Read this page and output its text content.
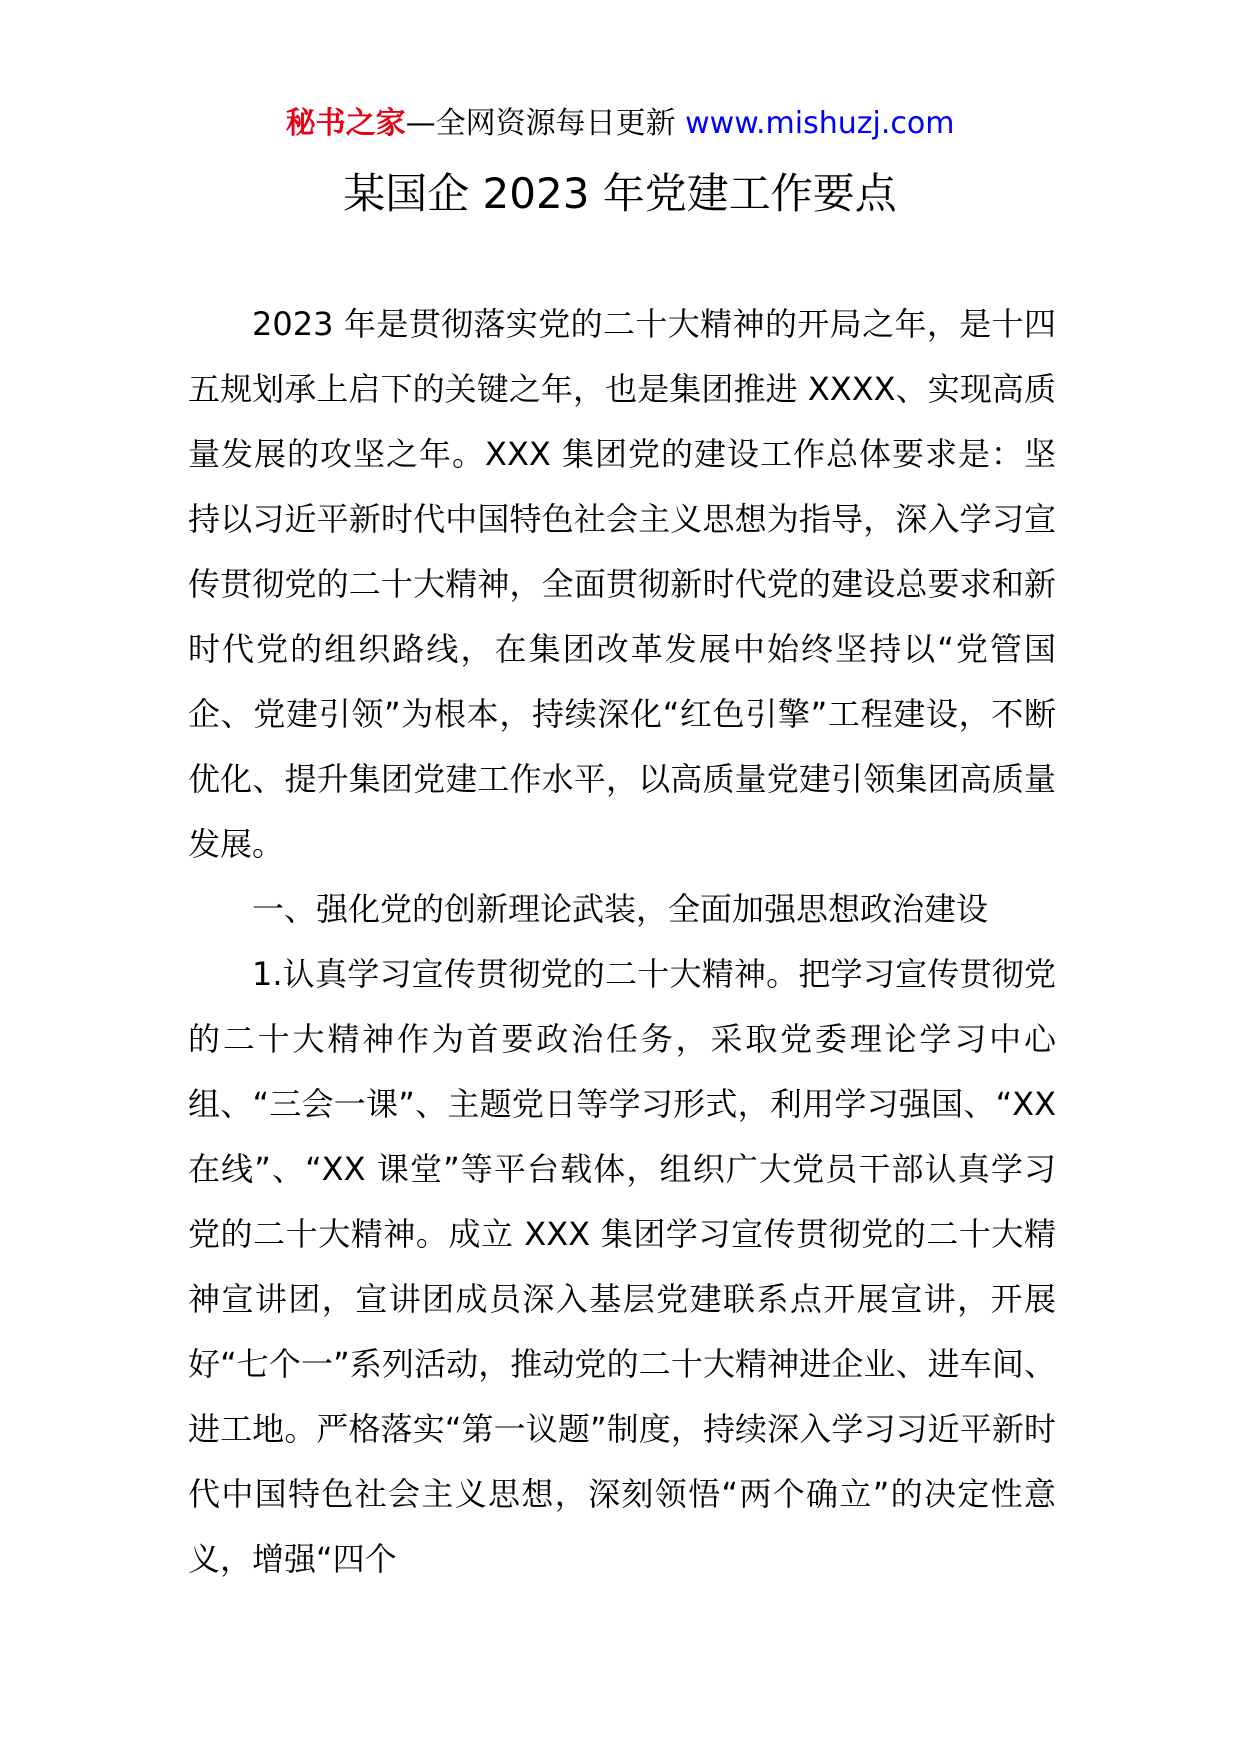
秘书之家—全网资源每日更新 www.mishuzj.com
某国企 2023 年党建工作要点

2023 年是贯彻落实党的二十大精神的开局之年，是十四五规划承上启下的关键之年，也是集团推进 XXXX、实现高质量发展的攻坚之年。XXX 集团党的建设工作总体要求是：坚持以习近平新时代中国特色社会主义思想为指导，深入学习宣传贯彻党的二十大精神，全面贯彻新时代党的建设总要求和新时代党的组织路线，在集团改革发展中始终坚持以“党管国企、党建引领”为根本，持续深化“红色引擎”工程建设，不断优化、提升集团党建工作水平，以高质量党建引领集团高质量发展。

一、强化党的创新理论武装，全面加强思想政治建设

1.认真学习宣传贯彻党的二十大精神。把学习宣传贯彻党的二十大精神作为首要政治任务，采取党委理论学习中心组、“三会一课”、主题党日等学习形式，利用学习强国、“XX 在线”、“XX 课堂”等平台载体，组织广大党员干部认真学习党的二十大精神。成立 XXX 集团学习宣传贯彻党的二十大精神宣讲团，宣讲团成员深入基层党建联系点开展宣讲，开展好“七个一”系列活动，推动党的二十大精神进企业、进车间、进工地。严格落实“第一议题”制度，持续深入学习习近平新时代中国特色社会主义思想，深刻领悟“两个确立”的决定性意义，增强“四个
